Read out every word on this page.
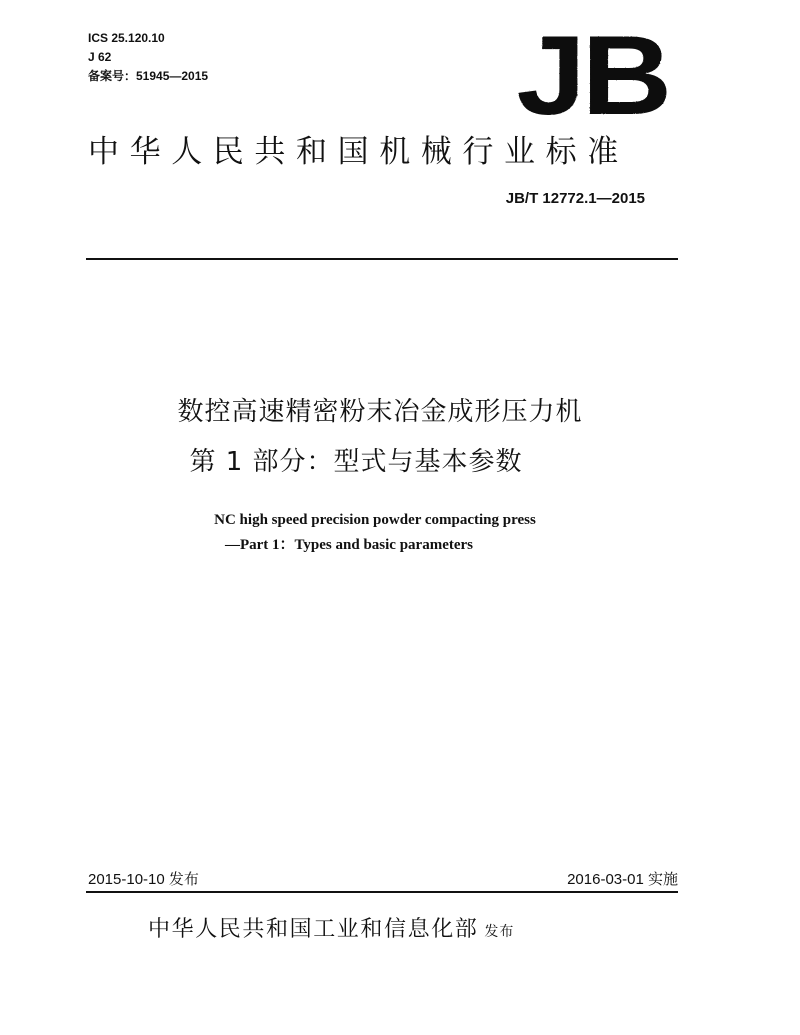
ICS 25.120.10
J 62
备案号：51945—2015	JB
中华人民共和国机械行业标准
JB/T 12772.1—2015
数控高速精密粉末冶金成形压力机
第 1 部分：型式与基本参数
NC high speed precision powder compacting press
—Part 1：Types and basic parameters
2015-10-10 发布	2016-03-01 实施
中华人民共和国工业和信息化部 发布
